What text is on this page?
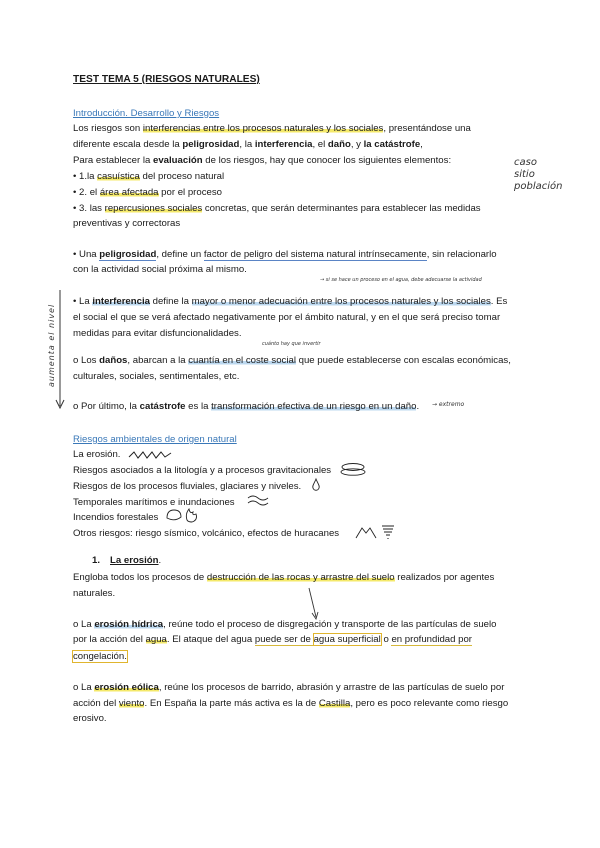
TEST TEMA 5 (RIESGOS NATURALES)
Introducción. Desarrollo y Riesgos
Los riesgos son interferencias entre los procesos naturales y los sociales, presentándose una
diferente escala desde la peligrosidad, la interferencia, el daño, y la catástrofe,
Para establecer la evaluación de los riesgos, hay que conocer los siguientes elementos:
• 1.la casuística del proceso natural
• 2. el área afectada por el proceso
• 3. las repercusiones sociales concretas, que serán determinantes para establecer las medidas
preventivas y correctoras
caso
sitio
población
• Una peligrosidad, define un factor de peligro del sistema natural intrínsecamente, sin relacionarlo
con la actividad social próxima al mismo.
→ si se hace un proceso en el agua, debe adecuarse la actividad
• La interferencia define la mayor o menor adecuación entre los procesos naturales y los sociales. Es
el social el que se verá afectado negativamente por el ámbito natural, y en el que será preciso tomar
medidas para evitar disfuncionalidades.
cuánto hay que invertir
o Los daños, abarcan a la cuantía en el coste social que puede establecerse con escalas económicas,
culturales, sociales, sentimentales, etc.
o Por último, la catástrofe es la transformación efectiva de un riesgo en un daño. → extremo
aumenta el nivel
Riesgos ambientales de origen natural
La erosión.
Riesgos asociados a la litología y a procesos gravitacionales
Riesgos de los procesos fluviales, glaciares y niveles.
Temporales marítimos e inundaciones
Incendios forestales
Otros riesgos: riesgo sísmico, volcánico, efectos de huracanes
1. La erosión.
Engloba todos los procesos de destrucción de las rocas y arrastre del suelo realizados por agentes
naturales.
o La erosión hídrica, reúne todo el proceso de disgregación y transporte de las partículas de suelo
por la acción del agua. El ataque del agua puede ser de agua superficial o en profundidad por
congelación.
o La erosión eólica, reúne los procesos de barrido, abrasión y arrastre de las partículas de suelo por
acción del viento. En España la parte más activa es la de Castilla, pero es poco relevante como riesgo
erosivo.
